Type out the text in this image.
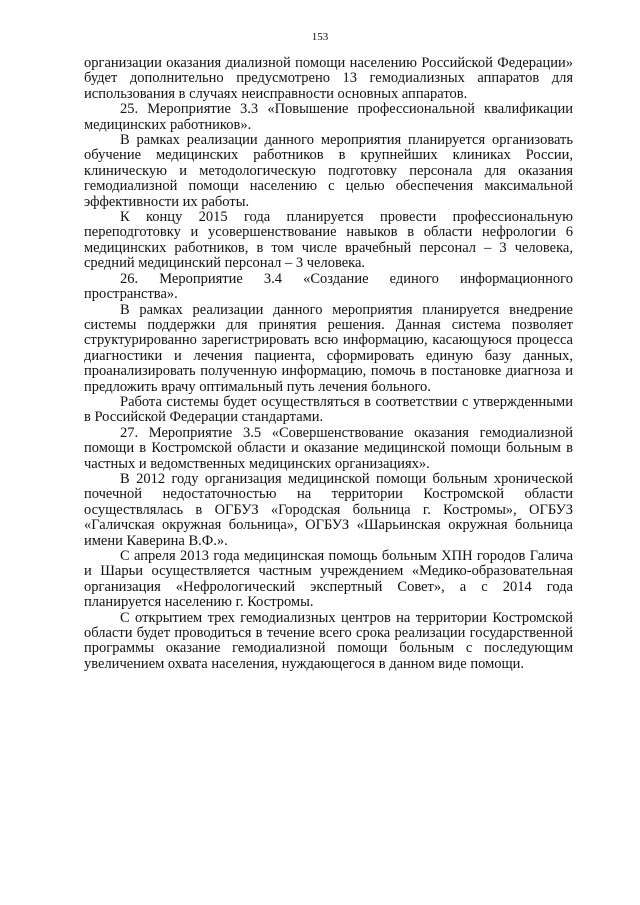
153

организации оказания диализной помощи населению Российской Федерации» будет дополнительно предусмотрено 13 гемодиализных аппаратов для использования в случаях неисправности основных аппаратов.

25. Мероприятие 3.3 «Повышение профессиональной квалификации медицинских работников».

В рамках реализации данного мероприятия планируется организовать обучение медицинских работников в крупнейших клиниках России, клиническую и методологическую подготовку персонала для оказания гемодиализной помощи населению с целью обеспечения максимальной эффективности их работы.

К концу 2015 года планируется провести профессиональную переподготовку и усовершенствование навыков в области нефрологии 6 медицинских работников, в том числе врачебный персонал – 3 человека, средний медицинский персонал – 3 человека.

26. Мероприятие 3.4 «Создание единого информационного пространства».

В рамках реализации данного мероприятия планируется внедрение системы поддержки для принятия решения. Данная система позволяет структурированно зарегистрировать всю информацию, касающуюся процесса диагностики и лечения пациента, сформировать единую базу данных, проанализировать полученную информацию, помочь в постановке диагноза и предложить врачу оптимальный путь лечения больного.

Работа системы будет осуществляться в соответствии с утвержденными в Российской Федерации стандартами.

27. Мероприятие 3.5 «Совершенствование оказания гемодиализной помощи в Костромской области и оказание медицинской помощи больным в частных и ведомственных медицинских организациях».

В 2012 году организация медицинской помощи больным хронической почечной недостаточностью на территории Костромской области осуществлялась в ОГБУЗ «Городская больница г. Костромы», ОГБУЗ «Галичская окружная больница», ОГБУЗ «Шарьинская окружная больница имени Каверина В.Ф.».

С апреля 2013 года медицинская помощь больным ХПН городов Галича и Шарьи осуществляется частным учреждением «Медико-образовательная организация «Нефрологический экспертный Совет», а с 2014 года планируется населению г. Костромы.

С открытием трех гемодиализных центров на территории Костромской области будет проводиться в течение всего срока реализации государственной программы оказание гемодиализной помощи больным с последующим увеличением охвата населения, нуждающегося в данном виде помощи.
